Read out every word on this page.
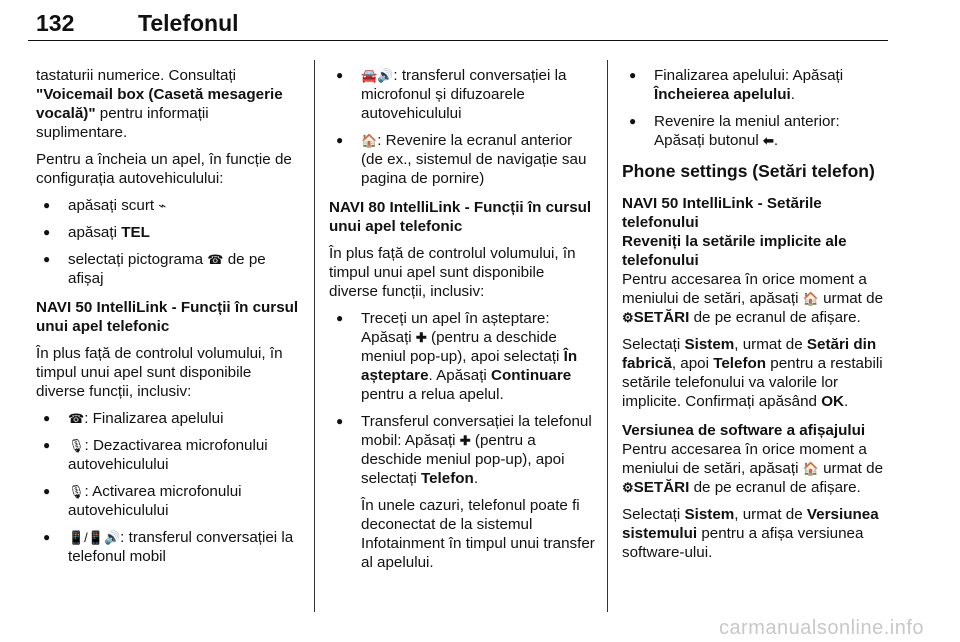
132	Telefonul

tastaturii numerice. Consultați
"Voicemail box (Casetă mesagerie vocală)" pentru informații suplimentare.

Pentru a încheia un apel, în funcție de configurația autovehiculului:

● apăsați scurt ⌁
● apăsați TEL
● selectați pictograma ☎ de pe afișaj

NAVI 50 IntelliLink - Funcții în cursul unui apel telefonic

În plus față de controlul volumului, în timpul unui apel sunt disponibile diverse funcții, inclusiv:

● ☎: Finalizarea apelului
● 🎙: Dezactivarea microfonului autovehiculului
● 🎙: Activarea microfonului autovehiculului
● 📱/📱🔊: transferul conversației la telefonul mobil
● 🚘🔊: transferul conversației la microfonul și difuzoarele autovehiculului
● 🏠: Revenire la ecranul anterior (de ex., sistemul de navigație sau pagina de pornire)

NAVI 80 IntelliLink - Funcții în cursul unui apel telefonic

În plus față de controlul volumului, în timpul unui apel sunt disponibile diverse funcții, inclusiv:

● Treceți un apel în așteptare: Apăsați ✚ (pentru a deschide meniul pop-up), apoi selectați În așteptare. Apăsați Continuare pentru a relua apelul.
● Transferul conversației la telefonul mobil: Apăsați ✚ (pentru a deschide meniul pop-up), apoi selectați Telefon.

În unele cazuri, telefonul poate fi deconectat de la sistemul Infotainment în timpul unui transfer al apelului.

● Finalizarea apelului: Apăsați Încheierea apelului.
● Revenire la meniul anterior: Apăsați butonul ⬅.

Phone settings (Setări telefon)

NAVI 50 IntelliLink - Setările telefonului

Reveniți la setările implicite ale telefonului

Pentru accesarea în orice moment a meniului de setări, apăsați 🏠 urmat de ⚙SETĂRI de pe ecranul de afișare.

Selectați Sistem, urmat de Setări din fabrică, apoi Telefon pentru a restabili setările telefonului va valorile lor implicite. Confirmați apăsând OK.

Versiunea de software a afișajului

Pentru accesarea în orice moment a meniului de setări, apăsați 🏠 urmat de ⚙SETĂRI de pe ecranul de afișare.

Selectați Sistem, urmat de Versiunea sistemului pentru a afișa versiunea software-ului.

carmanualsonline.info
